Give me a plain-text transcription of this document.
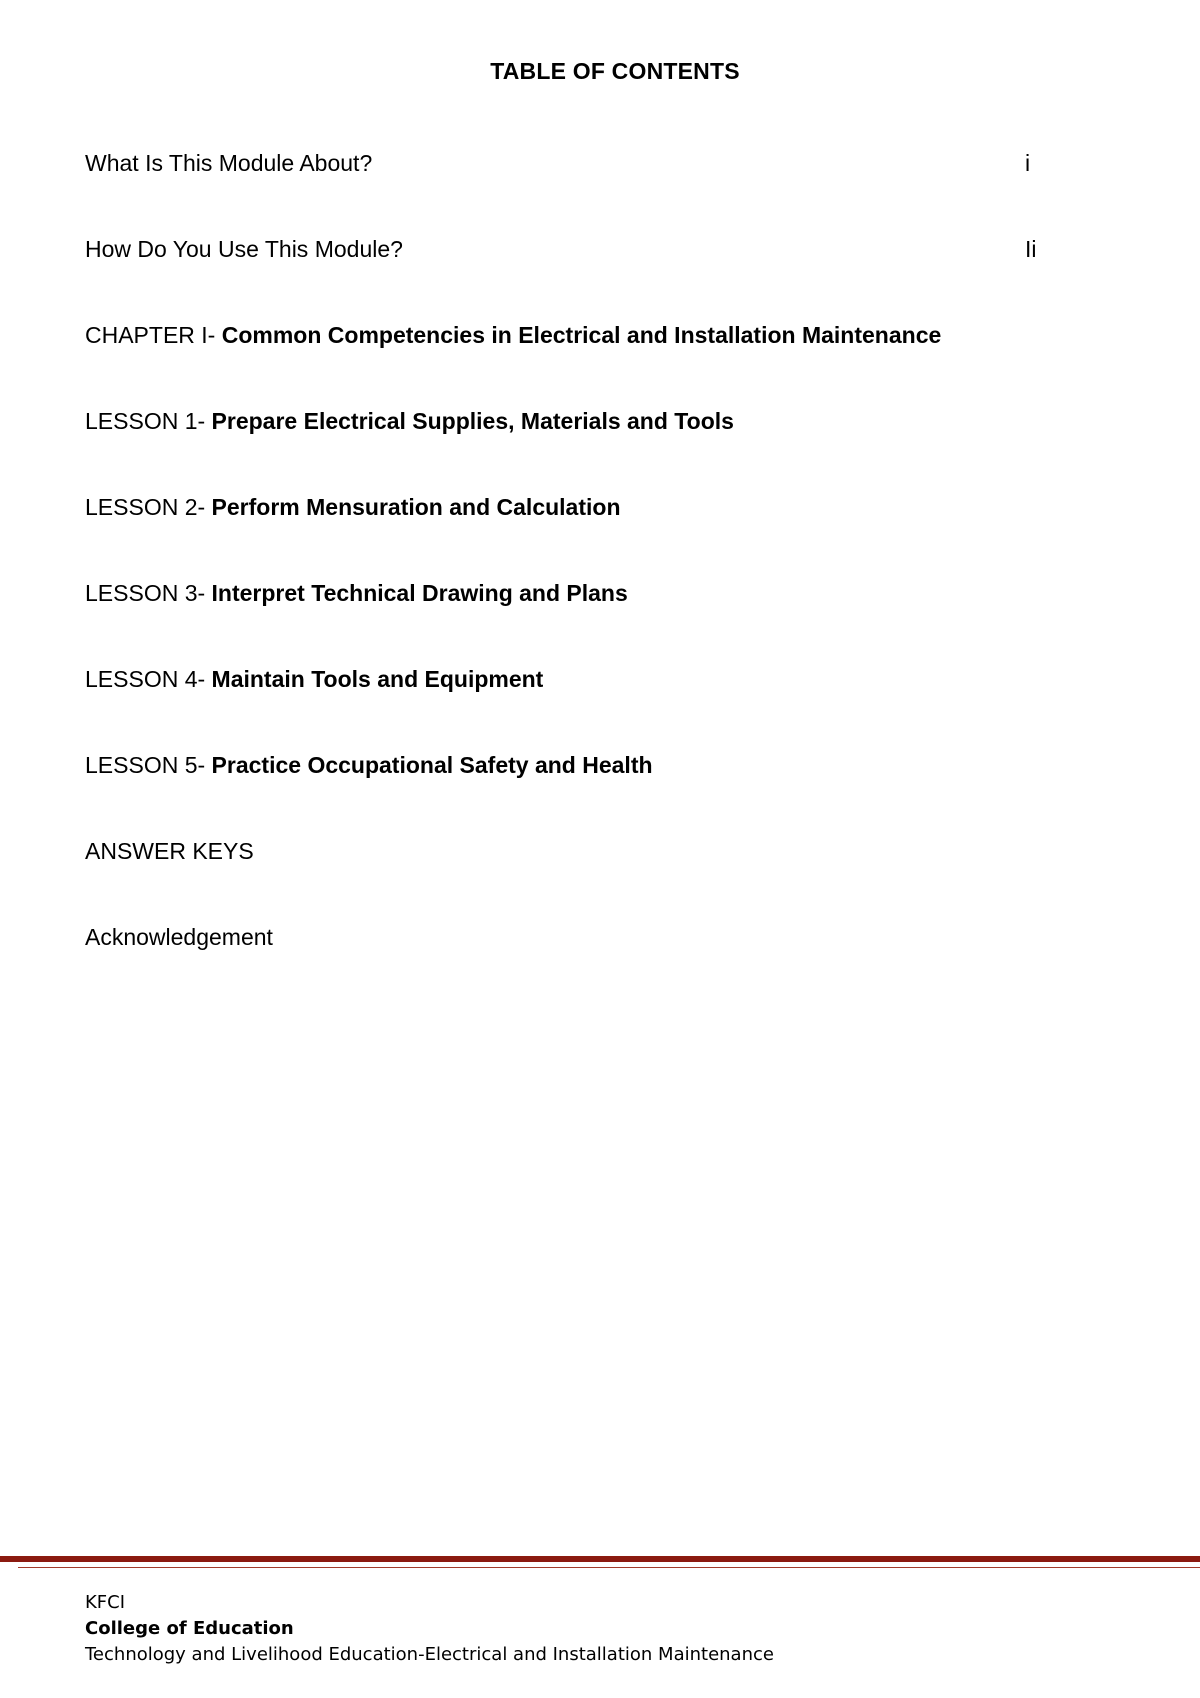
TABLE OF CONTENTS
What Is This Module About?	i
How Do You Use This Module?	Ii
CHAPTER I- Common Competencies in Electrical and Installation Maintenance
LESSON 1- Prepare Electrical Supplies, Materials and Tools
LESSON 2- Perform Mensuration and Calculation
LESSON 3- Interpret Technical Drawing and Plans
LESSON 4- Maintain Tools and Equipment
LESSON 5- Practice Occupational Safety and Health
ANSWER KEYS
Acknowledgement
KFCI
College of Education
Technology and Livelihood Education-Electrical and Installation Maintenance
